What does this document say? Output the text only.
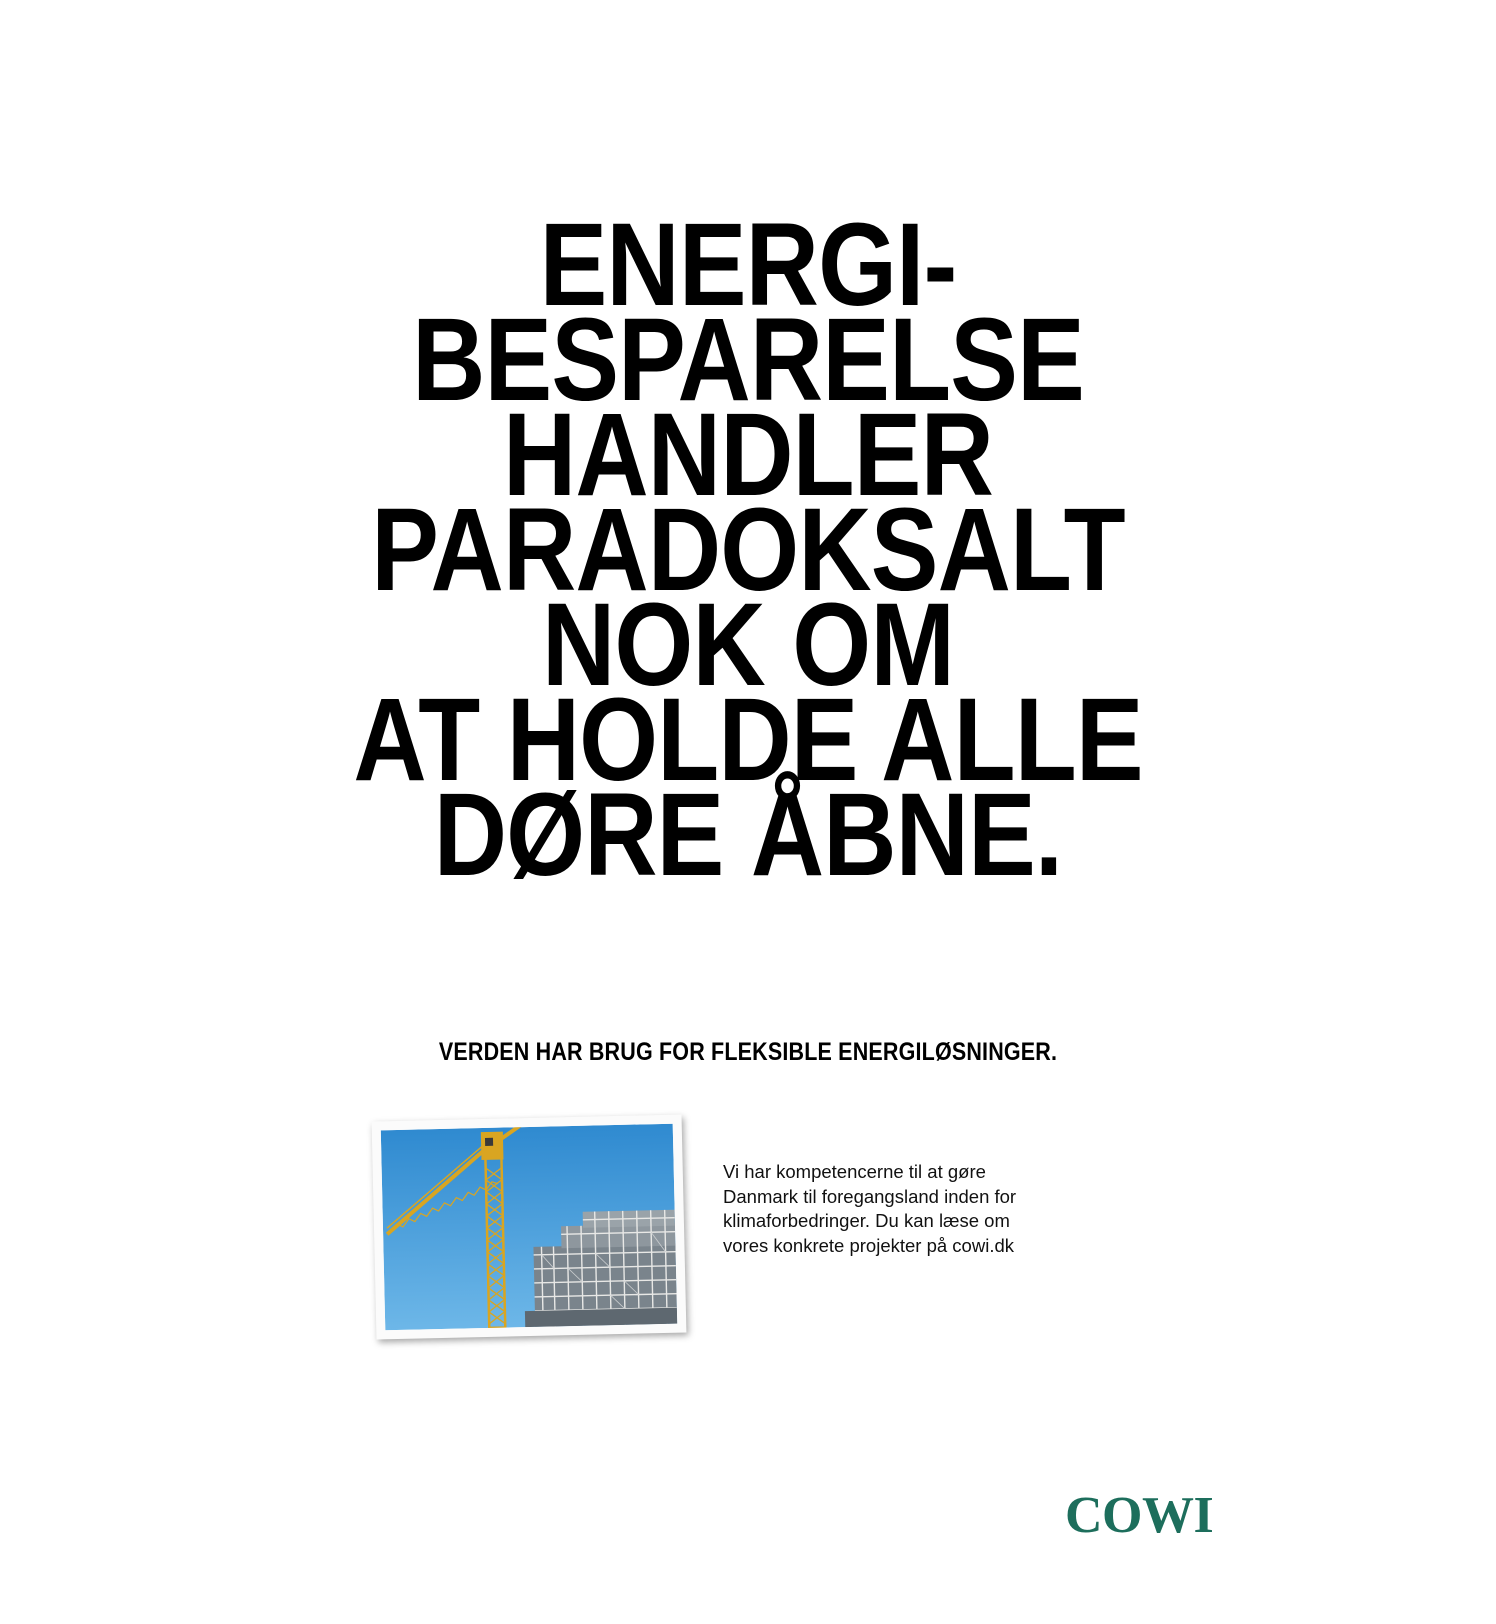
ENERGI-
BESPARELSE
HANDLER
PARADOKSALT
NOK OM
AT HOLDE ALLE
DØRE ÅBNE.

VERDEN HAR BRUG FOR FLEKSIBLE ENERGILØSNINGER.

Vi har kompetencerne til at gøre
Danmark til foregangsland inden for
klimaforbedringer. Du kan læse om
vores konkrete projekter på cowi.dk

COWI
